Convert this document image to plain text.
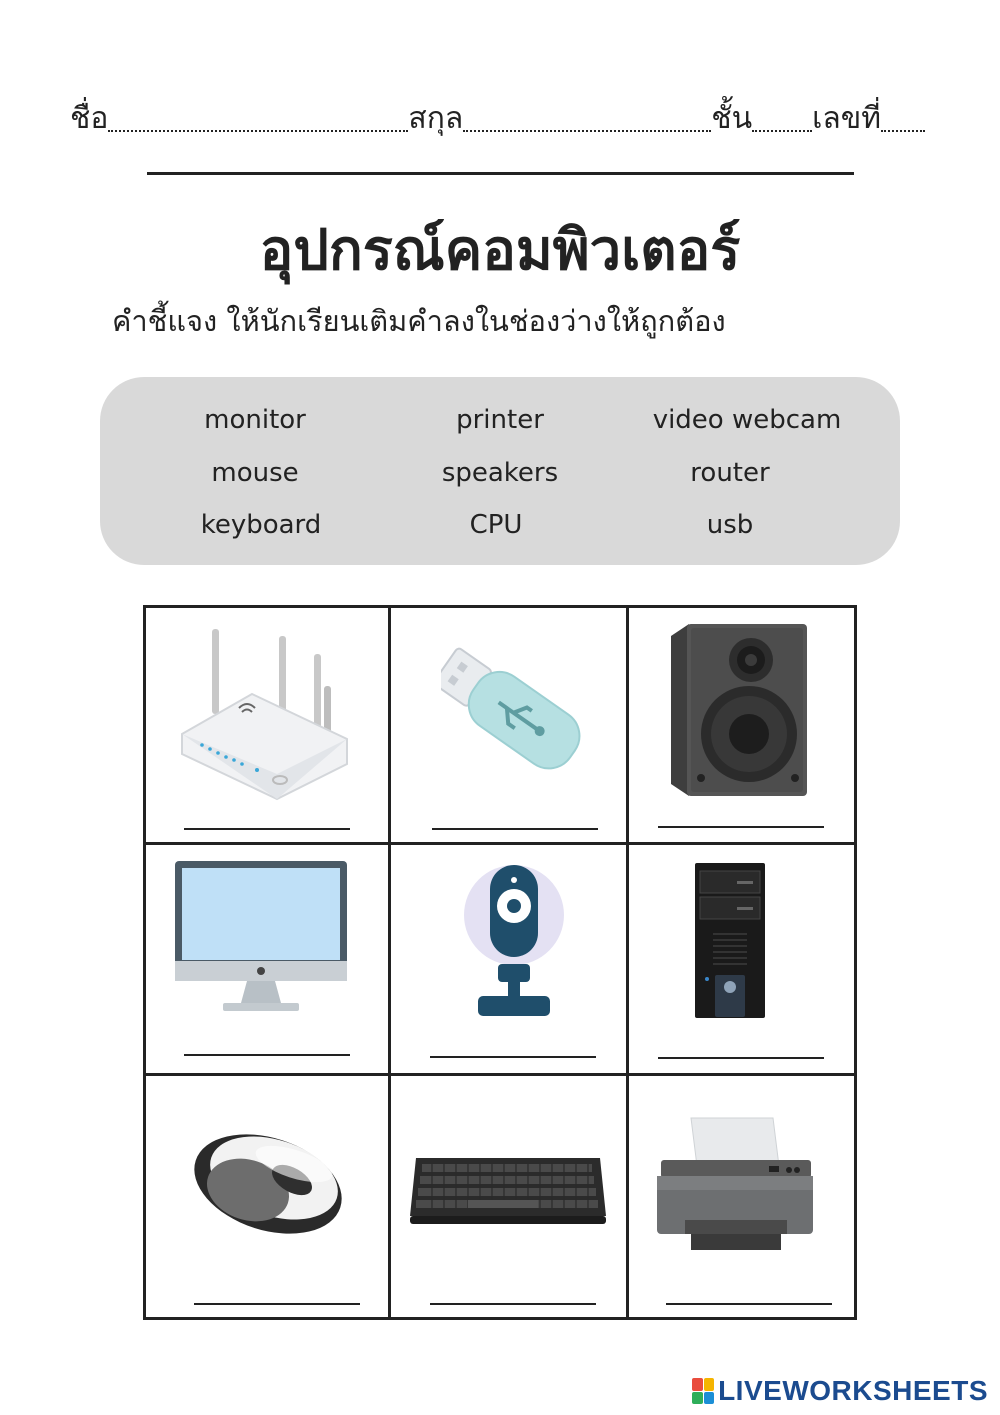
ชื่อ	สกุล	ชั้น เลขที่
อุปกรณ์คอมพิวเตอร์
คำชี้แจง ให้นักเรียนเติมคำลงในช่องว่างให้ถูกต้อง
monitor	printer	video webcam
mouse	speakers	router
keyboard	CPU	usb
LIVEWORKSHEETS
